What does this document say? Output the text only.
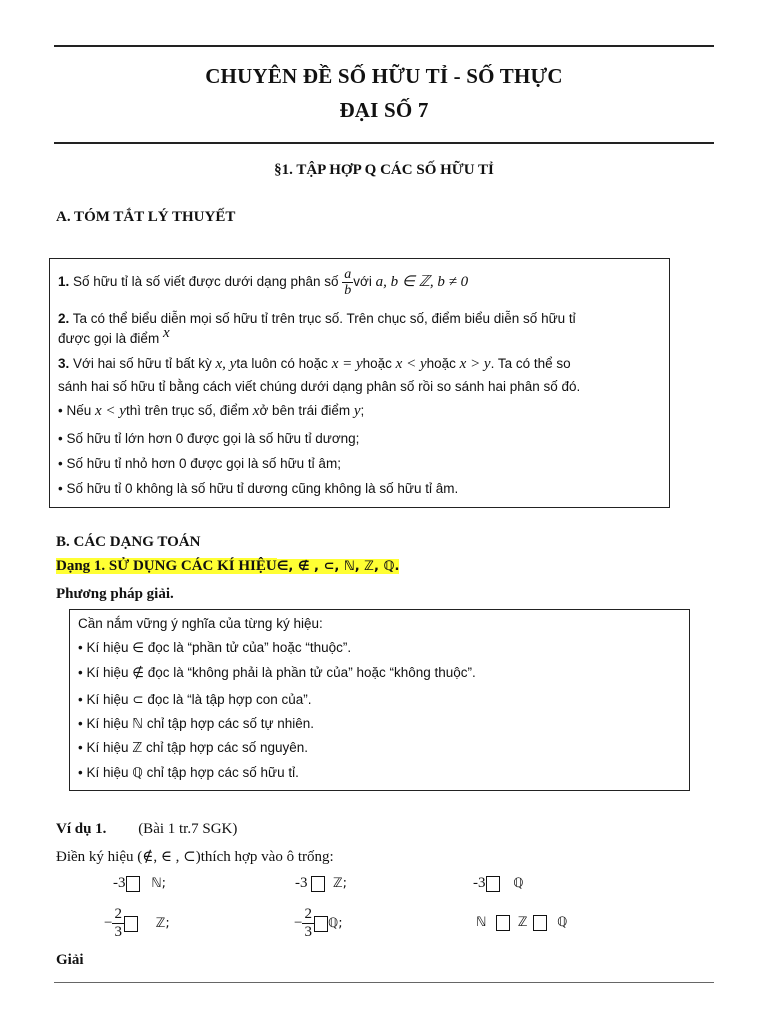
CHUYÊN ĐỀ SỐ HỮU TỈ - SỐ THỰC
ĐẠI SỐ 7
§1. TẬP HỢP Q CÁC SỐ HỮU TỈ
A. TÓM TẮT LÝ THUYẾT
1. Số hữu tỉ là số viết được dưới dạng phân số $\frac{a}{b}$ với a, b ∈ ℤ, b ≠ 0
2. Ta có thể biểu diễn mọi số hữu tỉ trên trục số. Trên chục số, điểm biểu diễn số hữu tỉ
được gọi là điểm x
3. Với hai số hữu tỉ bất kỳ x, yta luôn có hoặc x = yhoặc x < yhoặc x > y. Ta có thể so
sánh hai số hữu tỉ bằng cách viết chúng dưới dạng phân số rồi so sánh hai phân số đó.
• Nếu x < ythì trên trục số, điểm xở bên trái điểm y;
• Số hữu tỉ lớn hơn 0 được gọi là số hữu tỉ dương;
• Số hữu tỉ nhỏ hơn 0 được gọi là số hữu tỉ âm;
• Số hữu tỉ 0 không là số hữu tỉ dương cũng không là số hữu tỉ âm.
B. CÁC DẠNG TOÁN
Dạng 1. SỬ DỤNG CÁC KÍ HIỆU∈, ∉ , ⊂, ℕ, ℤ, ℚ.
Phương pháp giải.
Cần nắm vững ý nghĩa của từng ký hiệu:
• Kí hiệu ∈ đọc là “phần tử của” hoặc “thuộc”.
• Kí hiệu ∉ đọc là “không phải là phần tử của” hoặc “không thuộc”.
• Kí hiệu ⊂ đọc là “là tập hợp con của”.
• Kí hiệu ℕ chỉ tập hợp các số tự nhiên.
• Kí hiệu ℤ chỉ tập hợp các số nguyên.
• Kí hiệu ℚ chỉ tập hợp các số hữu tỉ.
Ví dụ 1. (Bài 1 tr.7 SGK)
Điền ký hiệu (∉, ∈ , ⊂)thích hợp vào ô trống:
-3 ℕ;	-3 ℤ;	-3 ℚ
− $\frac{2}{3}$ ℤ;	− $\frac{2}{3}$ ℚ;	ℕ ℤ ℚ
Giải
